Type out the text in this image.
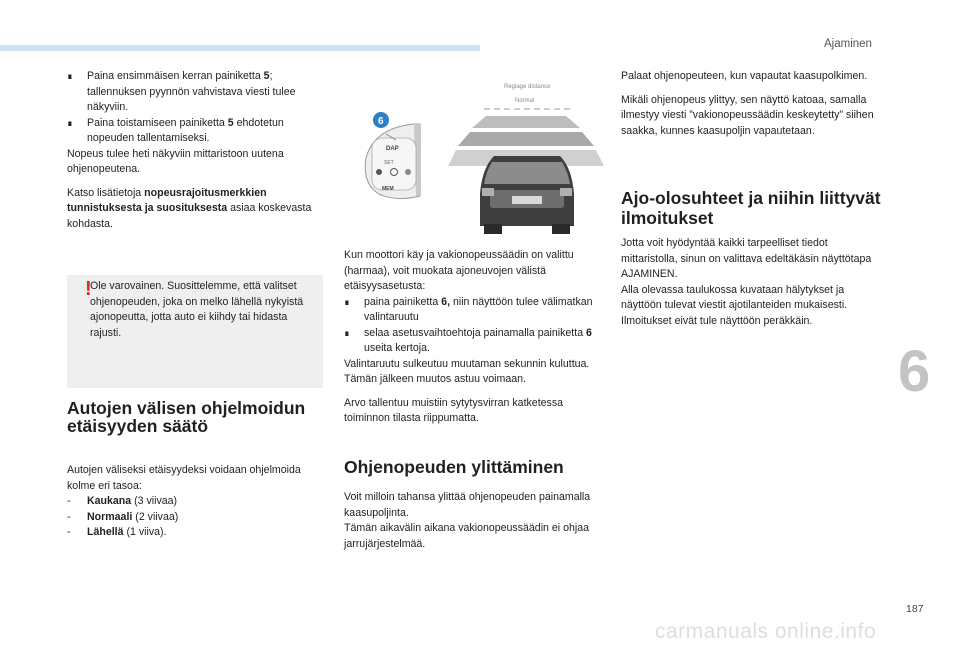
Ajaminen
6
187
carmanuals online.info
∎	Paina ensimmäisen kerran painiketta 5; tallennuksen pyynnön vahvistava viesti tulee näkyviin.
∎	Paina toistamiseen painiketta 5 ehdotetun nopeuden tallentamiseksi.

Nopeus tulee heti näkyviin mittaristoon uutena ohjenopeutena.

Katso lisätietoja nopeusrajoitusmerkkien tunnistuksesta ja suosituksesta asiaa koskevasta kohdasta.

!
Ole varovainen. Suosittelemme, että valitset ohjenopeuden, joka on melko lähellä nykyistä ajonopeutta, jotta auto ei kiihdy tai hidasta rajusti.
Autojen välisen ohjelmoidun etäisyyden säätö

Autojen väliseksi etäisyydeksi voidaan ohjelmoida kolme eri tasoa:

-	Kaukana (3 viivaa)
-	Normaali (2 viivaa)
-	Lähellä (1 viiva).
DAP
SET
MEM
6
Réglage distance
Normal

Kun moottori käy ja vakionopeussäädin on valittu (harmaa), voit muokata ajoneuvojen välistä etäisyysasetusta:

∎	paina painiketta 6, niin näyttöön tulee välimatkan valintaruutu
∎	selaa asetusvaihtoehtoja painamalla painiketta 6 useita kertoja.

Valintaruutu sulkeutuu muutaman sekunnin kuluttua.

Tämän jälkeen muutos astuu voimaan.

Arvo tallentuu muistiin sytytysvirran katketessa toiminnon tilasta riippumatta.

Ohjenopeuden ylittäminen

Voit milloin tahansa ylittää ohjenopeuden painamalla kaasupoljinta.

Tämän aikavälin aikana vakionopeussäädin ei ohjaa jarrujärjestelmää.

Palaat ohjenopeuteen, kun vapautat kaasupolkimen.

Mikäli ohjenopeus ylittyy, sen näyttö katoaa, samalla ilmestyy viesti ”vakionopeussäädin keskeytetty” siihen saakka, kunnes kaasupoljin vapautetaan.

Ajo-olosuhteet ja niihin liittyvät ilmoitukset

Jotta voit hyödyntää kaikki tarpeelliset tiedot mittaristolla, sinun on valittava edeltäkäsin näyttötapa AJAMINEN.

Alla olevassa taulukossa kuvataan hälytykset ja näyttöön tulevat viestit ajotilanteiden mukaisesti.

Ilmoitukset eivät tule näyttöön peräkkäin.
